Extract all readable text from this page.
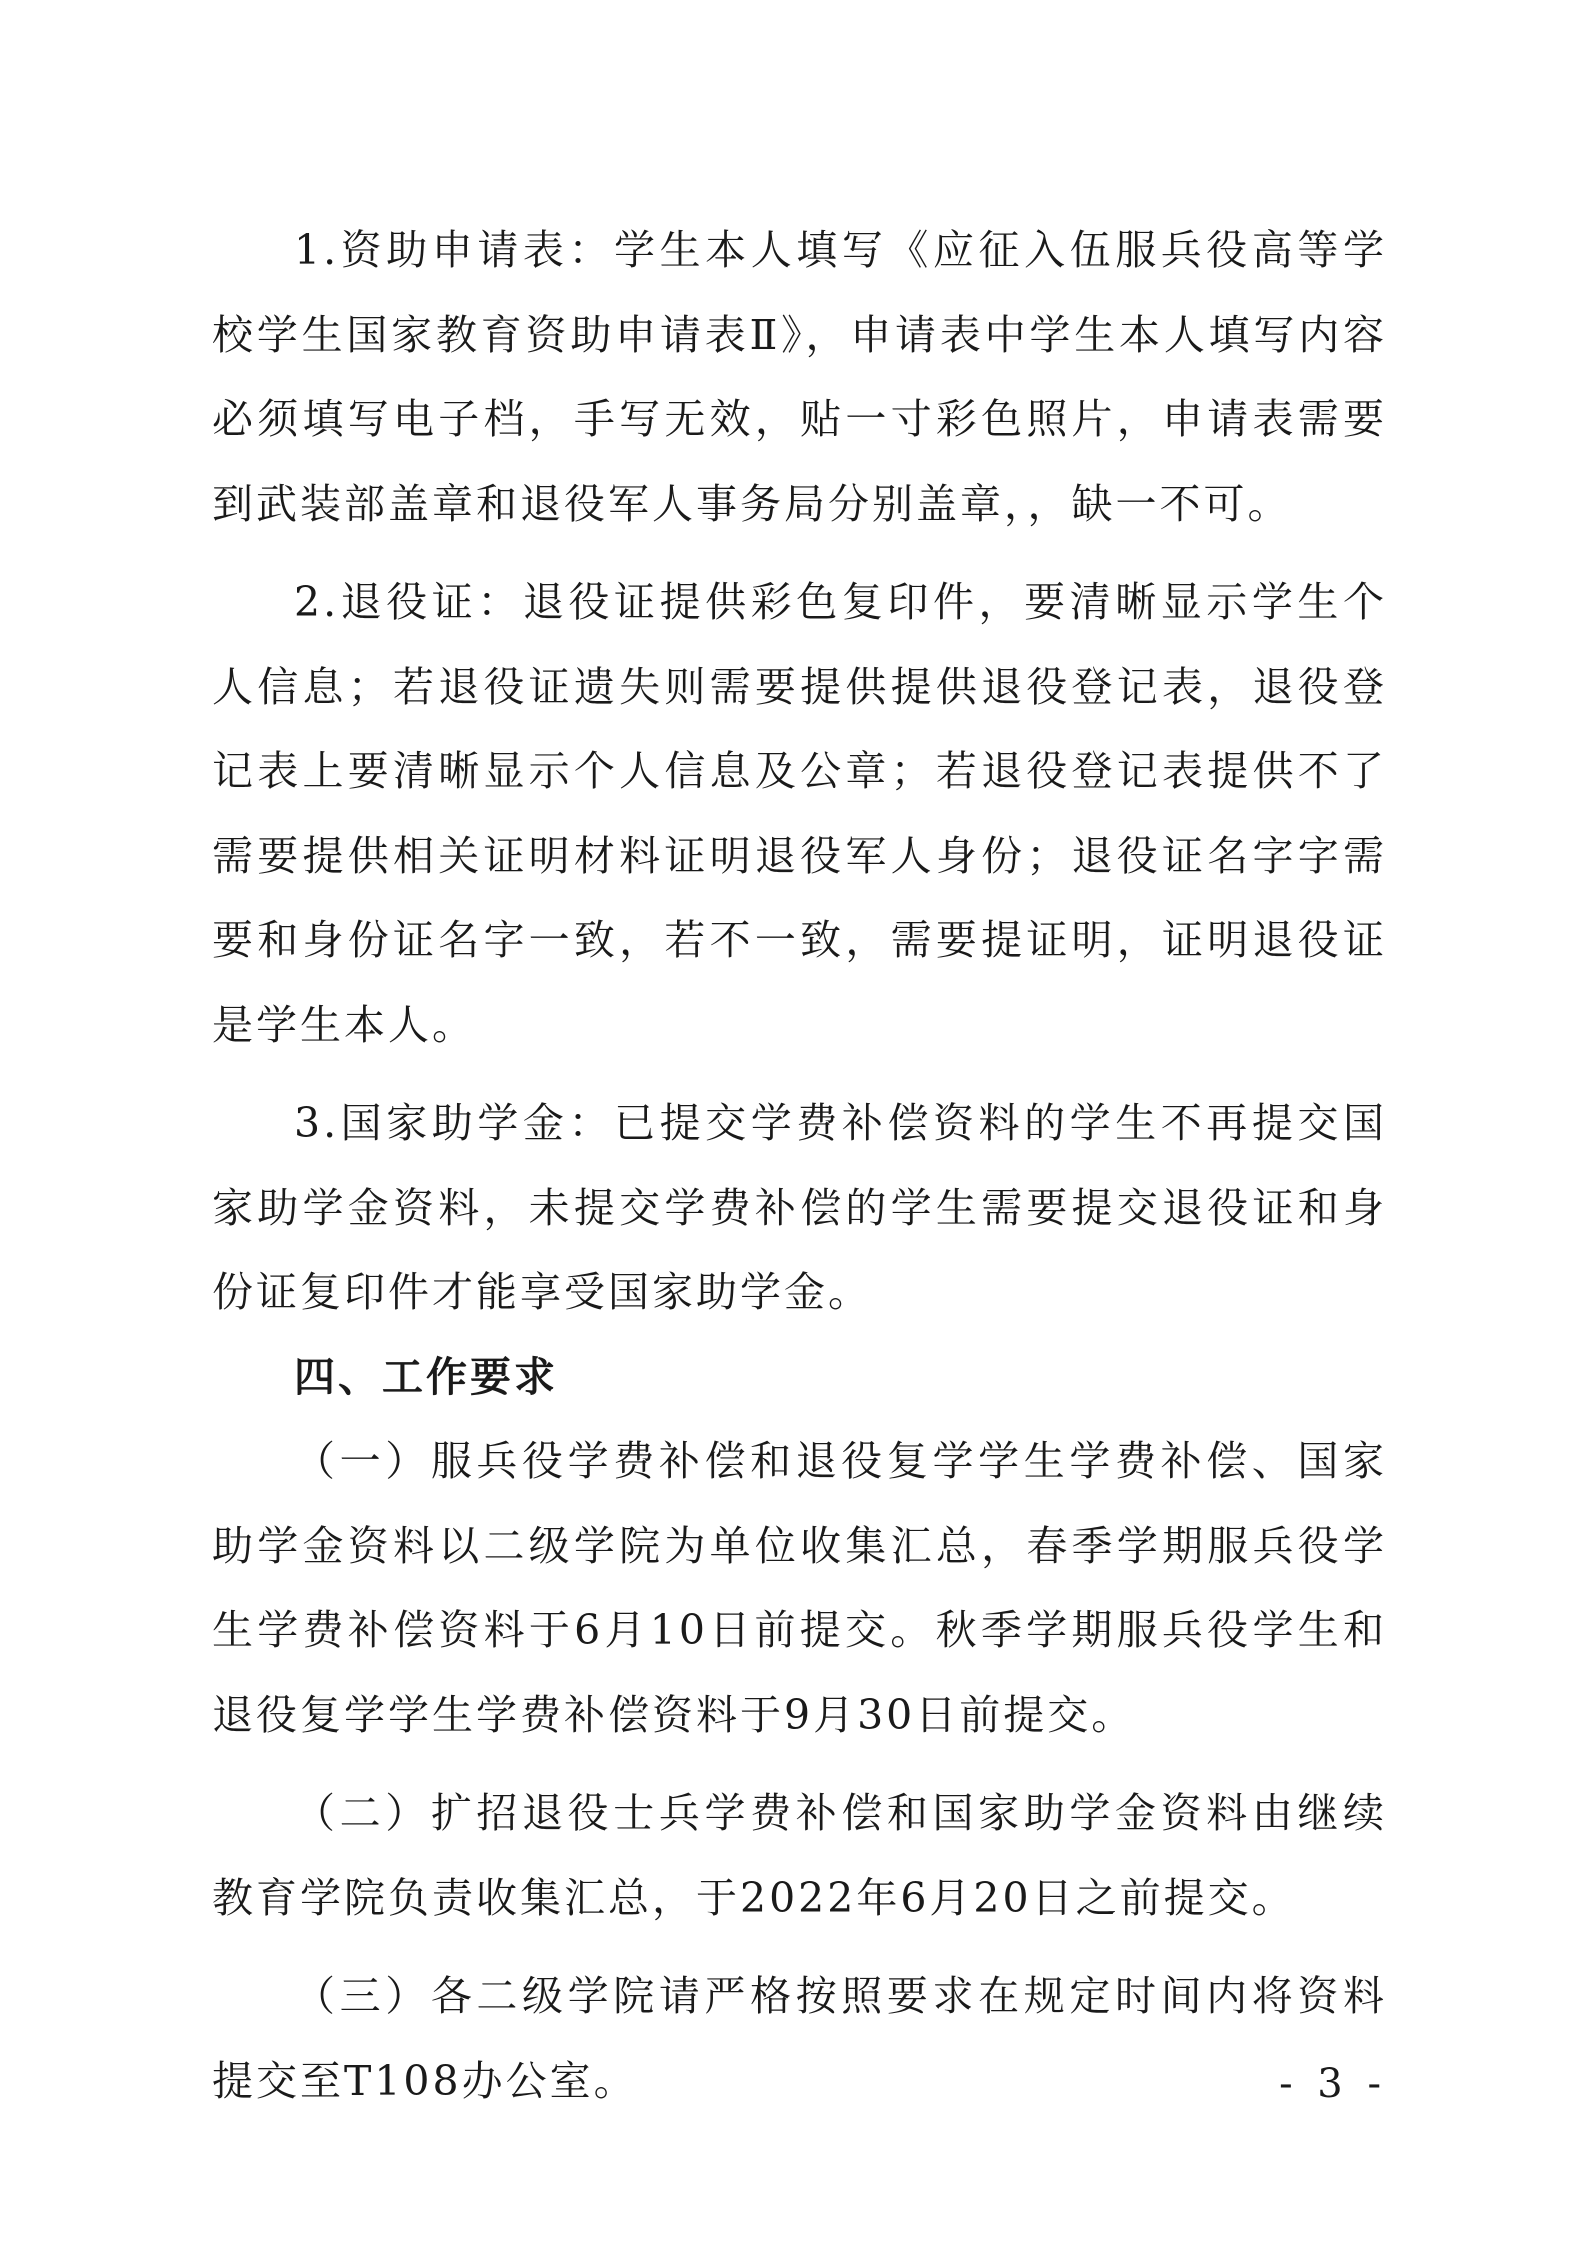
1.资助申请表：学生本人填写《应征入伍服兵役高等学校学生国家教育资助申请表Ⅱ》，申请表中学生本人填写内容必须填写电子档，手写无效，贴一寸彩色照片，申请表需要到武装部盖章和退役军人事务局分别盖章，，缺一不可。

2.退役证：退役证提供彩色复印件，要清晰显示学生个人信息；若退役证遗失则需要提供提供退役登记表，退役登记表上要清晰显示个人信息及公章；若退役登记表提供不了需要提供相关证明材料证明退役军人身份；退役证名字字需要和身份证名字一致，若不一致，需要提证明，证明退役证是学生本人。

3.国家助学金：已提交学费补偿资料的学生不再提交国家助学金资料，未提交学费补偿的学生需要提交退役证和身份证复印件才能享受国家助学金。

四、工作要求

（一）服兵役学费补偿和退役复学学生学费补偿、国家助学金资料以二级学院为单位收集汇总，春季学期服兵役学生学费补偿资料于6月10日前提交。秋季学期服兵役学生和退役复学学生学费补偿资料于9月30日前提交。

（二）扩招退役士兵学费补偿和国家助学金资料由继续教育学院负责收集汇总，于2022年6月20日之前提交。

（三）各二级学院请严格按照要求在规定时间内将资料提交至T108办公室。	- 3 -
